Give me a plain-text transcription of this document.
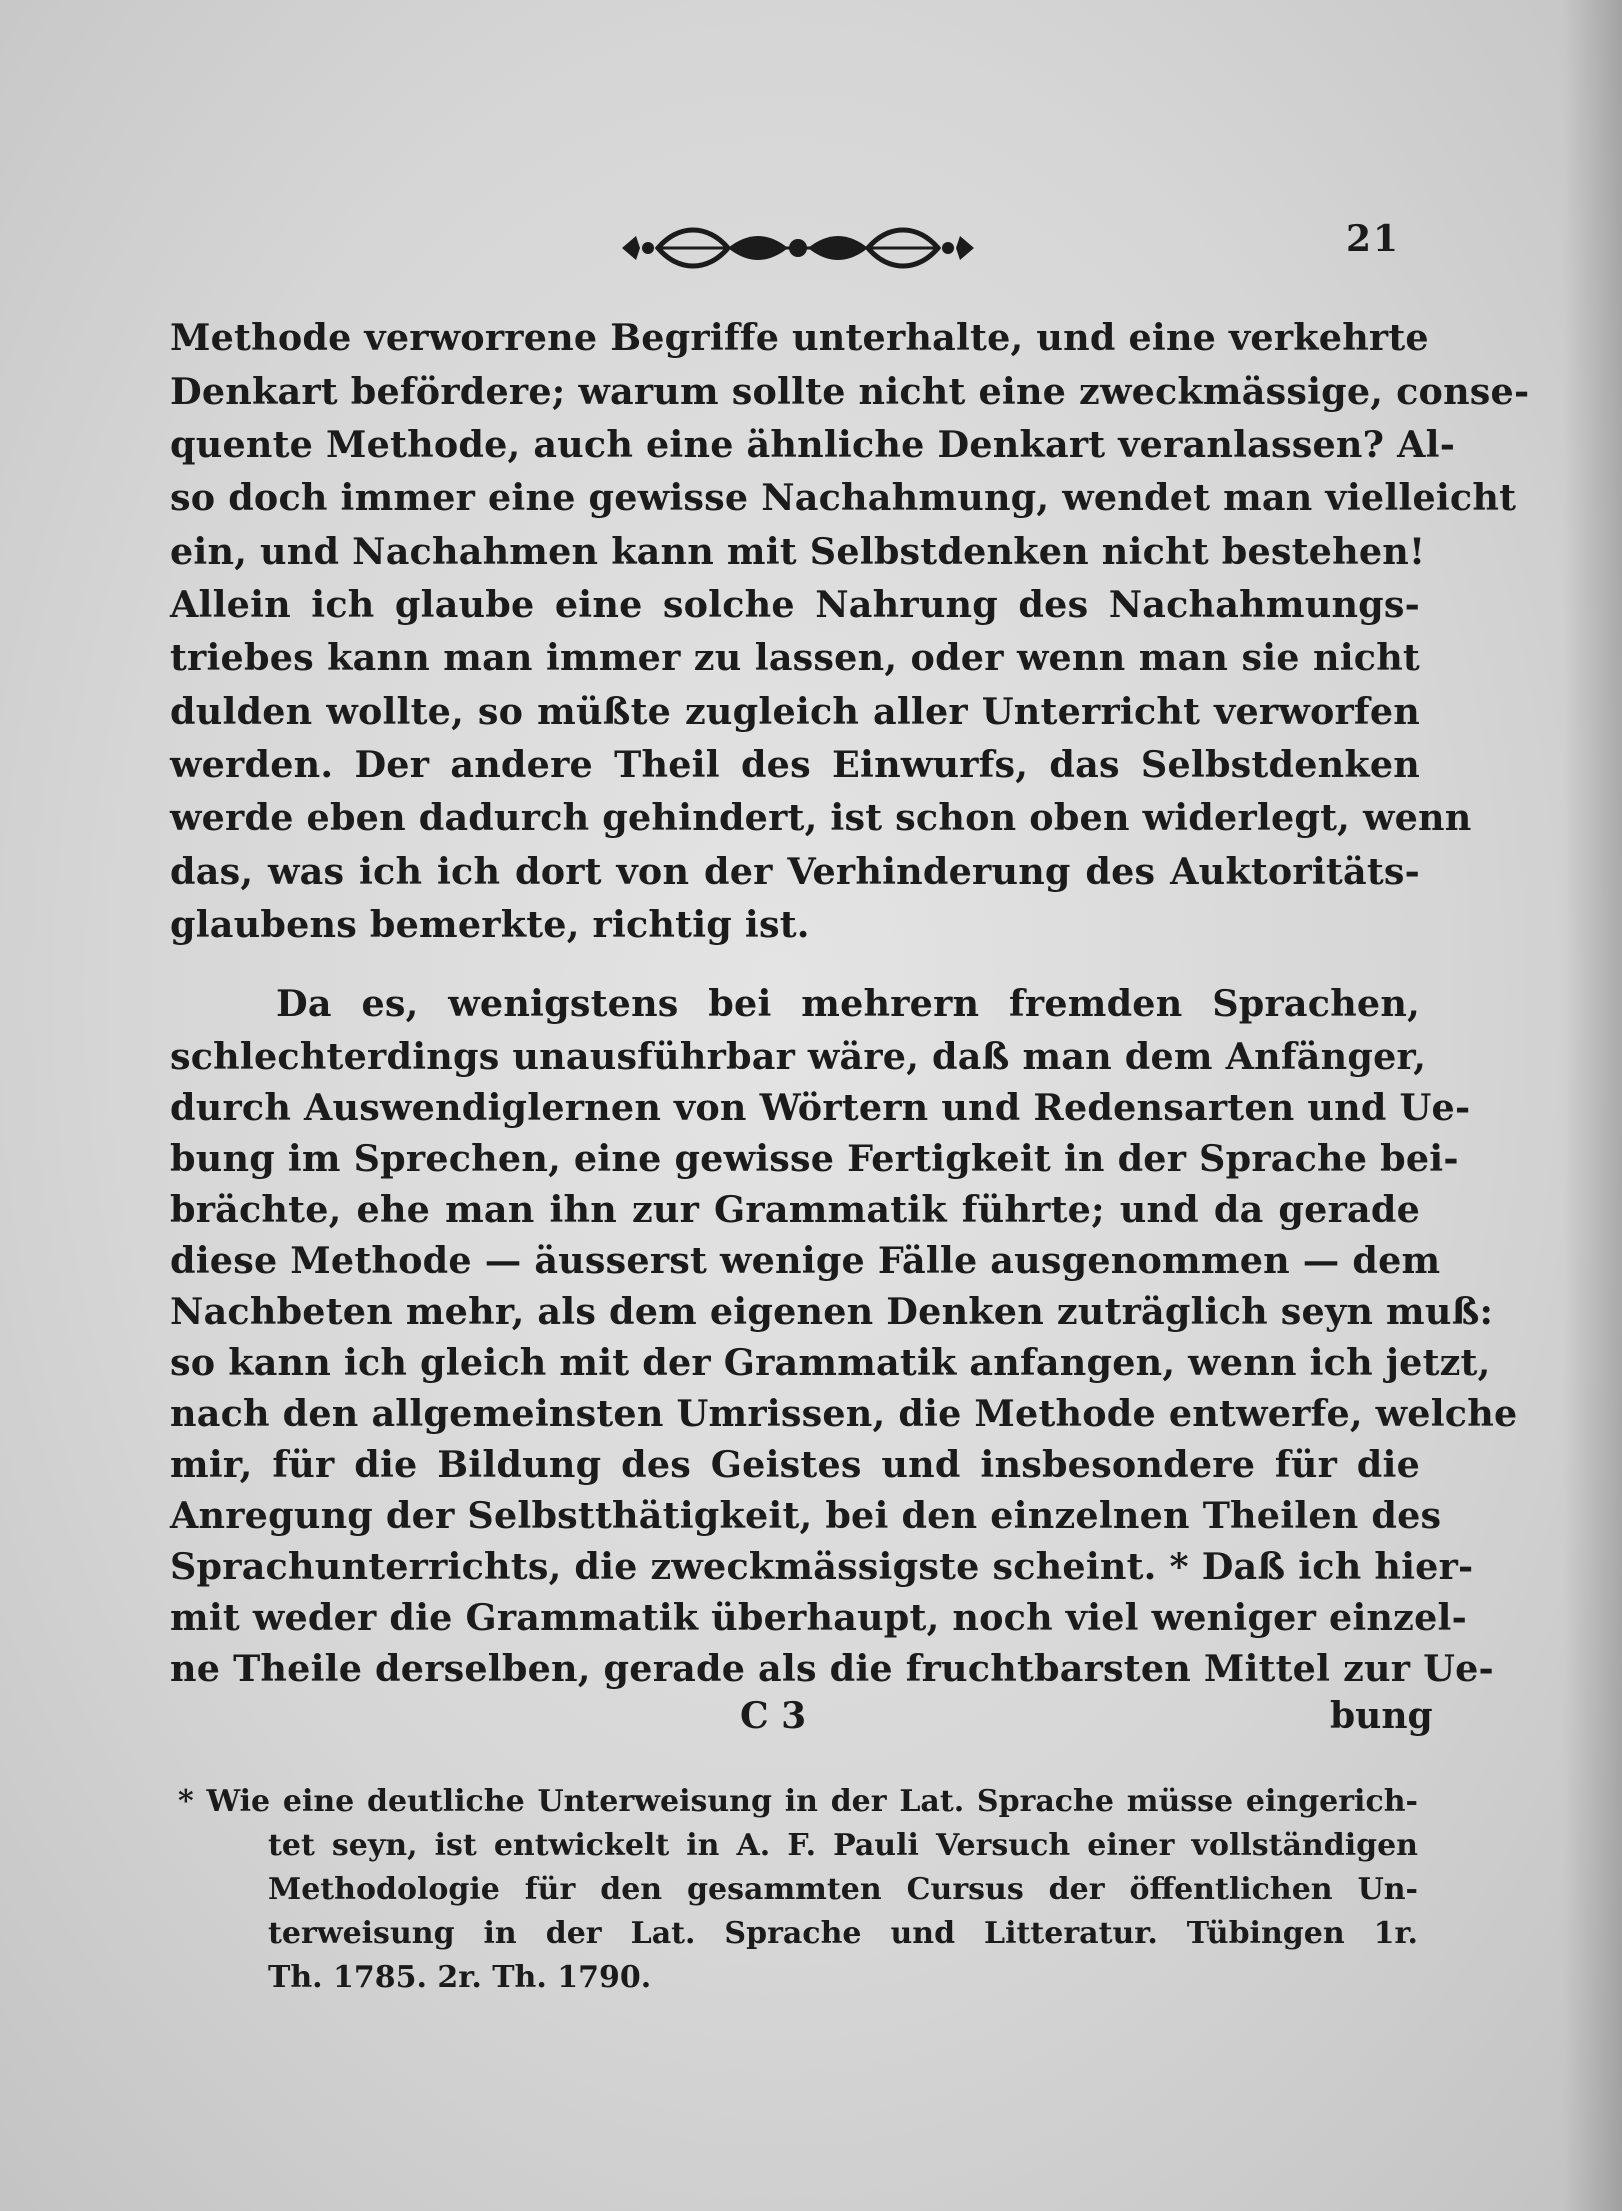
21
Methode verworrene Begriffe unterhalte, und eine verkehrte
Denkart befördere; warum sollte nicht eine zweckmässige, conse-
quente Methode, auch eine ähnliche Denkart veranlassen? Al-
so doch immer eine gewisse Nachahmung, wendet man vielleicht
ein, und Nachahmen kann mit Selbstdenken nicht bestehen!
Allein ich glaube eine solche Nahrung des Nachahmungs-
triebes kann man immer zu lassen, oder wenn man sie nicht
dulden wollte, so müßte zugleich aller Unterricht verworfen
werden. Der andere Theil des Einwurfs, das Selbstdenken
werde eben dadurch gehindert, ist schon oben widerlegt, wenn
das, was ich ich dort von der Verhinderung des Auktoritäts-
glaubens bemerkte, richtig ist.
Da es, wenigstens bei mehrern fremden Sprachen,
schlechterdings unausführbar wäre, daß man dem Anfänger,
durch Auswendiglernen von Wörtern und Redensarten und Ue-
bung im Sprechen, eine gewisse Fertigkeit in der Sprache bei-
brächte, ehe man ihn zur Grammatik führte; und da gerade
diese Methode — äusserst wenige Fälle ausgenommen — dem
Nachbeten mehr, als dem eigenen Denken zuträglich seyn muß:
so kann ich gleich mit der Grammatik anfangen, wenn ich jetzt,
nach den allgemeinsten Umrissen, die Methode entwerfe, welche
mir, für die Bildung des Geistes und insbesondere für die
Anregung der Selbstthätigkeit, bei den einzelnen Theilen des
Sprachunterrichts, die zweckmässigste scheint. * Daß ich hier-
mit weder die Grammatik überhaupt, noch viel weniger einzel-
ne Theile derselben, gerade als die fruchtbarsten Mittel zur Ue-
C 3	bung
* Wie eine deutliche Unterweisung in der Lat. Sprache müsse eingerich-
tet seyn, ist entwickelt in A. F. Pauli Versuch einer vollständigen
Methodologie für den gesammten Cursus der öffentlichen Un-
terweisung in der Lat. Sprache und Litteratur. Tübingen 1r.
Th. 1785. 2r. Th. 1790.
